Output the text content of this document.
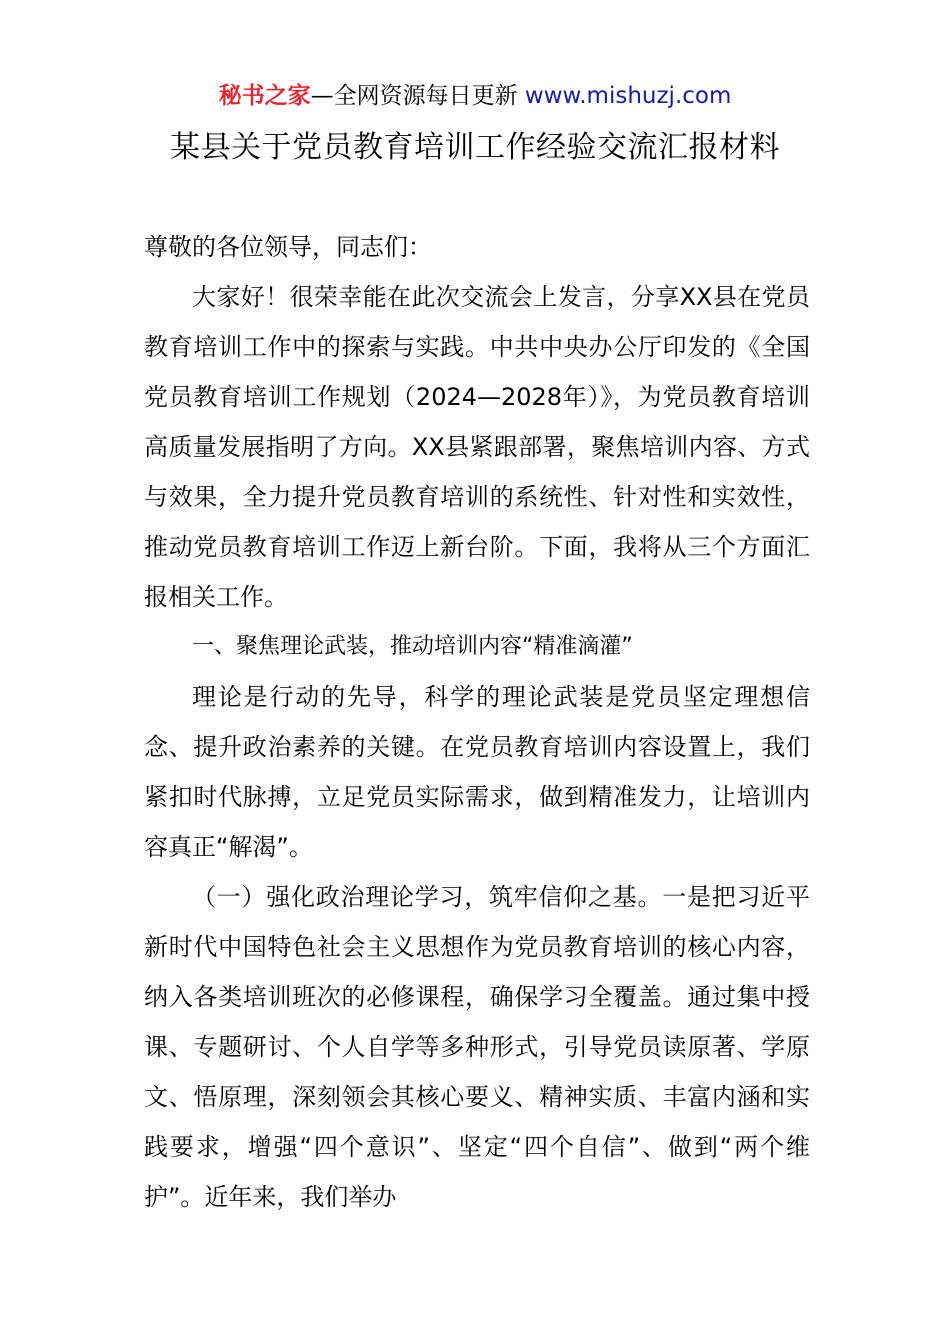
秘书之家—全网资源每日更新 www.mishuzj.com
某县关于党员教育培训工作经验交流汇报材料

尊敬的各位领导，同志们：

大家好！很荣幸能在此次交流会上发言，分享XX县在党员教育培训工作中的探索与实践。中共中央办公厅印发的《全国党员教育培训工作规划（2024—2028年）》，为党员教育培训高质量发展指明了方向。XX县紧跟部署，聚焦培训内容、方式与效果，全力提升党员教育培训的系统性、针对性和实效性，推动党员教育培训工作迈上新台阶。下面，我将从三个方面汇报相关工作。

一、聚焦理论武装，推动培训内容“精准滴灌”

理论是行动的先导，科学的理论武装是党员坚定理想信念、提升政治素养的关键。在党员教育培训内容设置上，我们紧扣时代脉搏，立足党员实际需求，做到精准发力，让培训内容真正“解渴”。

（一）强化政治理论学习，筑牢信仰之基。一是把习近平新时代中国特色社会主义思想作为党员教育培训的核心内容，纳入各类培训班次的必修课程，确保学习全覆盖。通过集中授课、专题研讨、个人自学等多种形式，引导党员读原著、学原文、悟原理，深刻领会其核心要义、精神实质、丰富内涵和实践要求，增强“四个意识”、坚定“四个自信”、做到“两个维护”。近年来，我们举办
